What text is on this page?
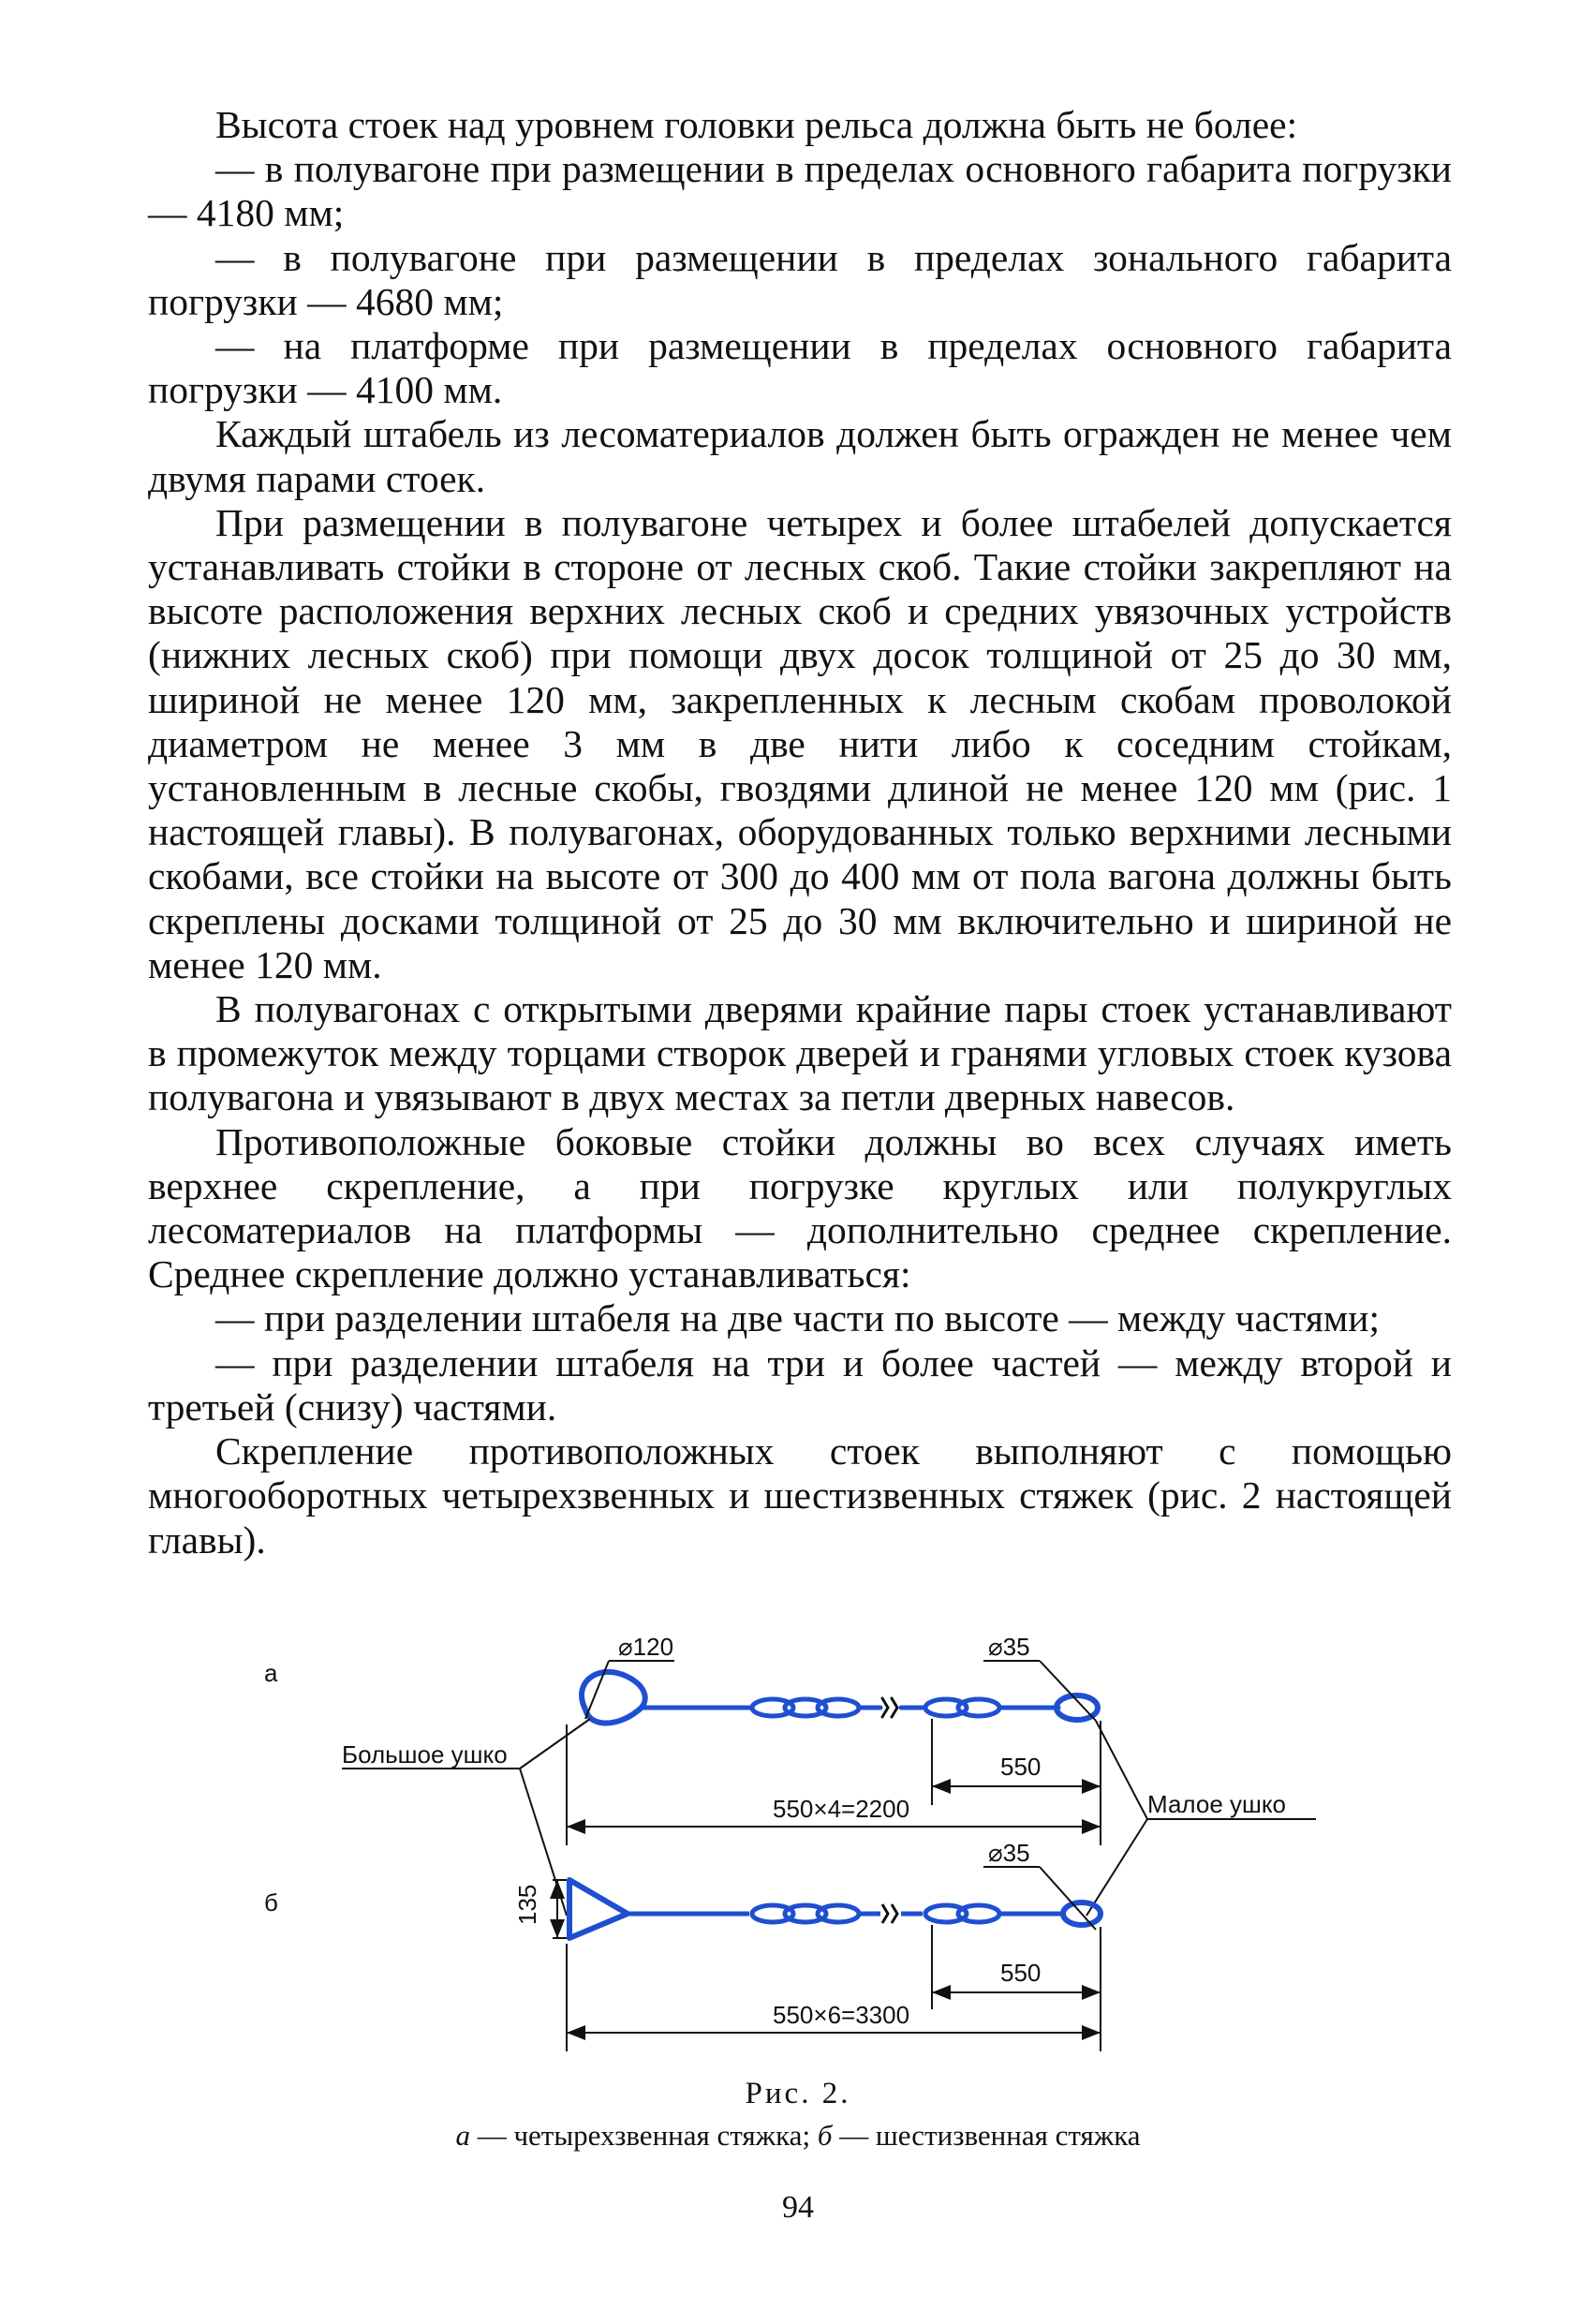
Высота стоек над уровнем головки рельса должна быть не более:

— в полувагоне при размещении в пределах основного габарита погрузки — 4180 мм;

— в полувагоне при размещении в пределах зонального габарита погрузки — 4680 мм;

— на платформе при размещении в пределах основного габарита погрузки — 4100 мм.

Каждый штабель из лесоматериалов должен быть огражден не менее чем двумя парами стоек.

При размещении в полувагоне четырех и более штабелей допускается устанавливать стойки в стороне от лесных скоб. Такие стойки закрепляют на высоте расположения верхних лесных скоб и средних увязочных устройств (нижних лесных скоб) при помощи двух досок толщиной от 25 до 30 мм, шириной не менее 120 мм, закрепленных к лесным скобам проволокой диаметром не менее 3 мм в две нити либо к соседним стойкам, установленным в лесные скобы, гвоздями длиной не менее 120 мм (рис. 1 настоящей главы). В полувагонах, оборудованных только верхними лесными скобами, все стойки на высоте от 300 до 400 мм от пола вагона должны быть скреплены досками толщиной от 25 до 30 мм включительно и шириной не менее 120 мм.

В полувагонах с открытыми дверями крайние пары стоек устанавливают в промежуток между торцами створок дверей и гранями угловых стоек кузова полувагона и увязывают в двух местах за петли дверных навесов.

Противоположные боковые стойки должны во всех случаях иметь верхнее скрепление, а при погрузке круглых или полукруглых лесоматериалов на платформы — дополнительно среднее скрепление. Среднее скрепление должно устанавливаться:

— при разделении штабеля на две части по высоте — между частями;

— при разделении штабеля на три и более частей — между второй и третьей (снизу) частями.

Скрепление противоположных стоек выполняют с помощью многооборотных четырехзвенных и шестизвенных стяжек (рис. 2 настоящей главы).

а
б
⌀120	⌀35
Большое ушко	550
550×4=2200	Малое ушко
⌀35
135
550
550×6=3300
Рис. 2.
а — четырехзвенная стяжка; б — шестизвенная стяжка
94
